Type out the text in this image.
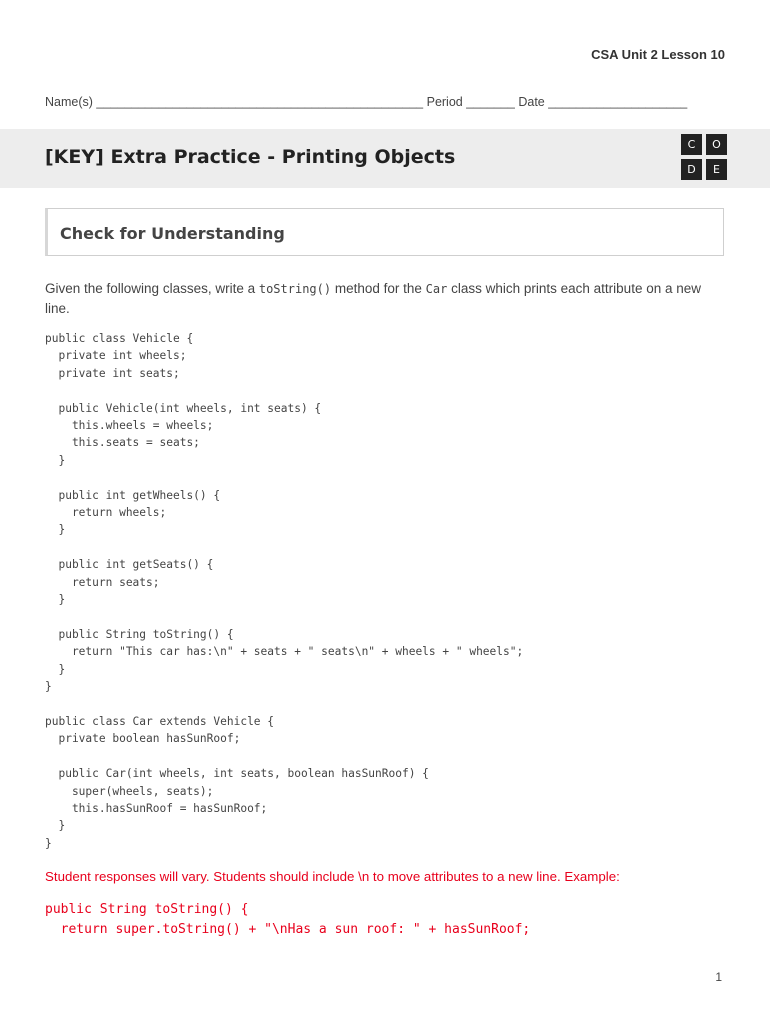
CSA Unit 2 Lesson 10
Name(s) _______________________________________________ Period _______ Date ____________________
[KEY] Extra Practice - Printing Objects
C	O
D	E
Check for Understanding
Given the following classes, write a toString() method for the Car class which prints each attribute on a new line.
public class Vehicle {
private int wheels;
private int seats;

public Vehicle(int wheels, int seats) {
this.wheels = wheels;
this.seats = seats;
}

public int getWheels() {
return wheels;
}

public int getSeats() {
return seats;
}

public String toString() {
return "This car has:\n" + seats + " seats\n" + wheels + " wheels";
}
}

public class Car extends Vehicle {
private boolean hasSunRoof;

public Car(int wheels, int seats, boolean hasSunRoof) {
super(wheels, seats);
this.hasSunRoof = hasSunRoof;
}
}
Student responses will vary. Students should include \n to move attributes to a new line. Example:
public String toString() {
return super.toString() + "\nHas a sun roof: " + hasSunRoof;
1
